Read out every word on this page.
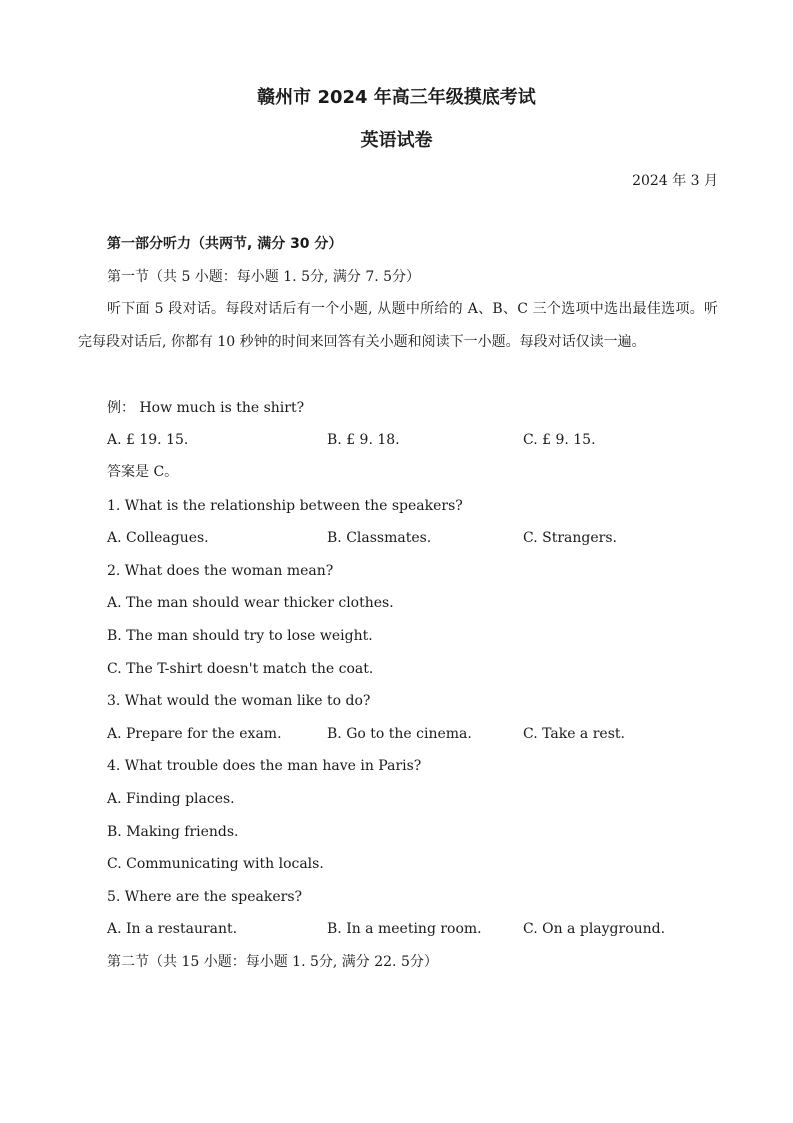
赣州市 2024 年高三年级摸底考试
英语试卷
2024 年 3 月
第一部分听力（共两节, 满分 30 分）
第一节（共 5 小题：每小题 1. 5分, 满分 7. 5分）
听下面 5 段对话。每段对话后有一个小题, 从题中所给的 A、B、C 三个选项中选出最佳选项。听完每段对话后, 你都有 10 秒钟的时间来回答有关小题和阅读下一小题。每段对话仅读一遍。
例： How much is the shirt?
A. £ 19. 15.	B. £ 9. 18.	C. £ 9. 15.
答案是 C。
1. What is the relationship between the speakers?
A. Colleagues.	B. Classmates.	C. Strangers.
2. What does the woman mean?
A. The man should wear thicker clothes.
B. The man should try to lose weight.
C. The T-shirt doesn't match the coat.
3. What would the woman like to do?
A. Prepare for the exam.	B. Go to the cinema.	C. Take a rest.
4. What trouble does the man have in Paris?
A. Finding places.
B. Making friends.
C. Communicating with locals.
5. Where are the speakers?
A. In a restaurant.	B. In a meeting room.	C. On a playground.
第二节（共 15 小题：每小题 1. 5分, 满分 22. 5分）
